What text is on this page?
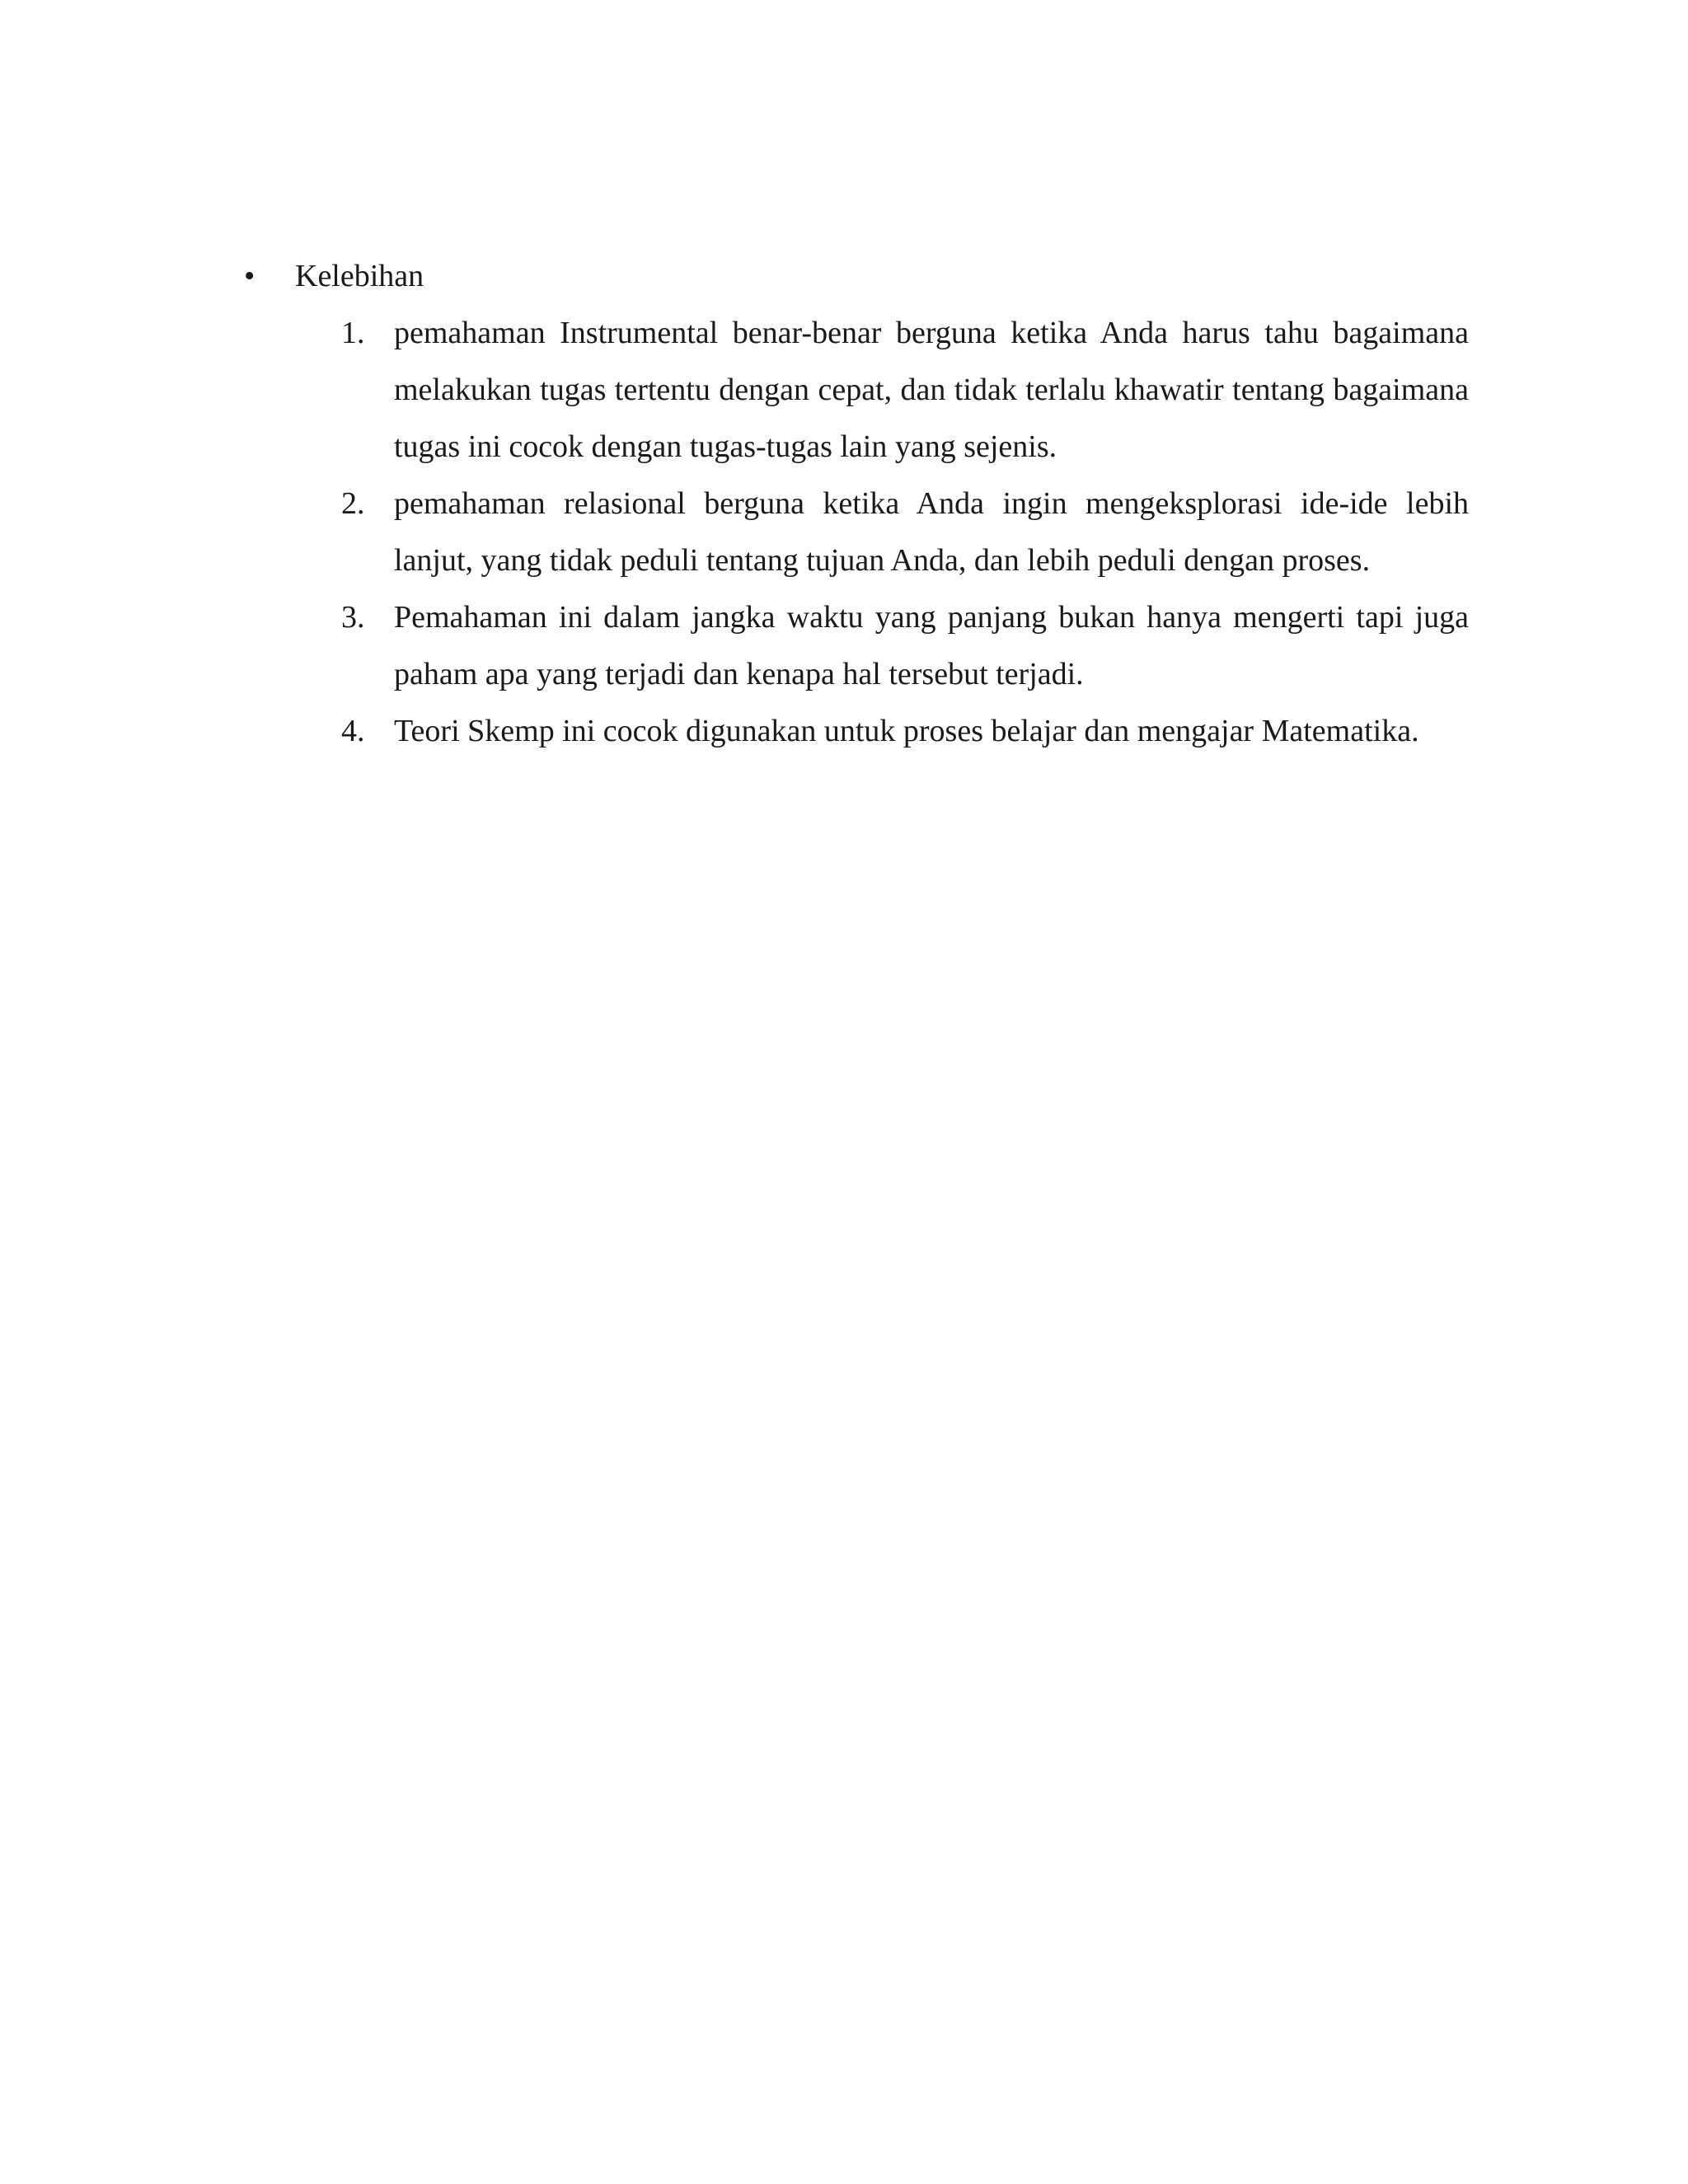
•	Kelebihan
1. pemahaman Instrumental benar-benar berguna ketika Anda harus tahu bagaimana melakukan tugas tertentu dengan cepat, dan tidak terlalu khawatir tentang bagaimana tugas ini cocok dengan tugas-tugas lain yang sejenis.
2. pemahaman relasional berguna ketika Anda ingin mengeksplorasi ide-ide lebih lanjut, yang tidak peduli tentang tujuan Anda, dan lebih peduli dengan proses.
3. Pemahaman ini dalam jangka waktu yang panjang bukan hanya mengerti tapi juga paham apa yang terjadi dan kenapa hal tersebut terjadi.
4. Teori Skemp ini cocok digunakan untuk proses belajar dan mengajar Matematika.
